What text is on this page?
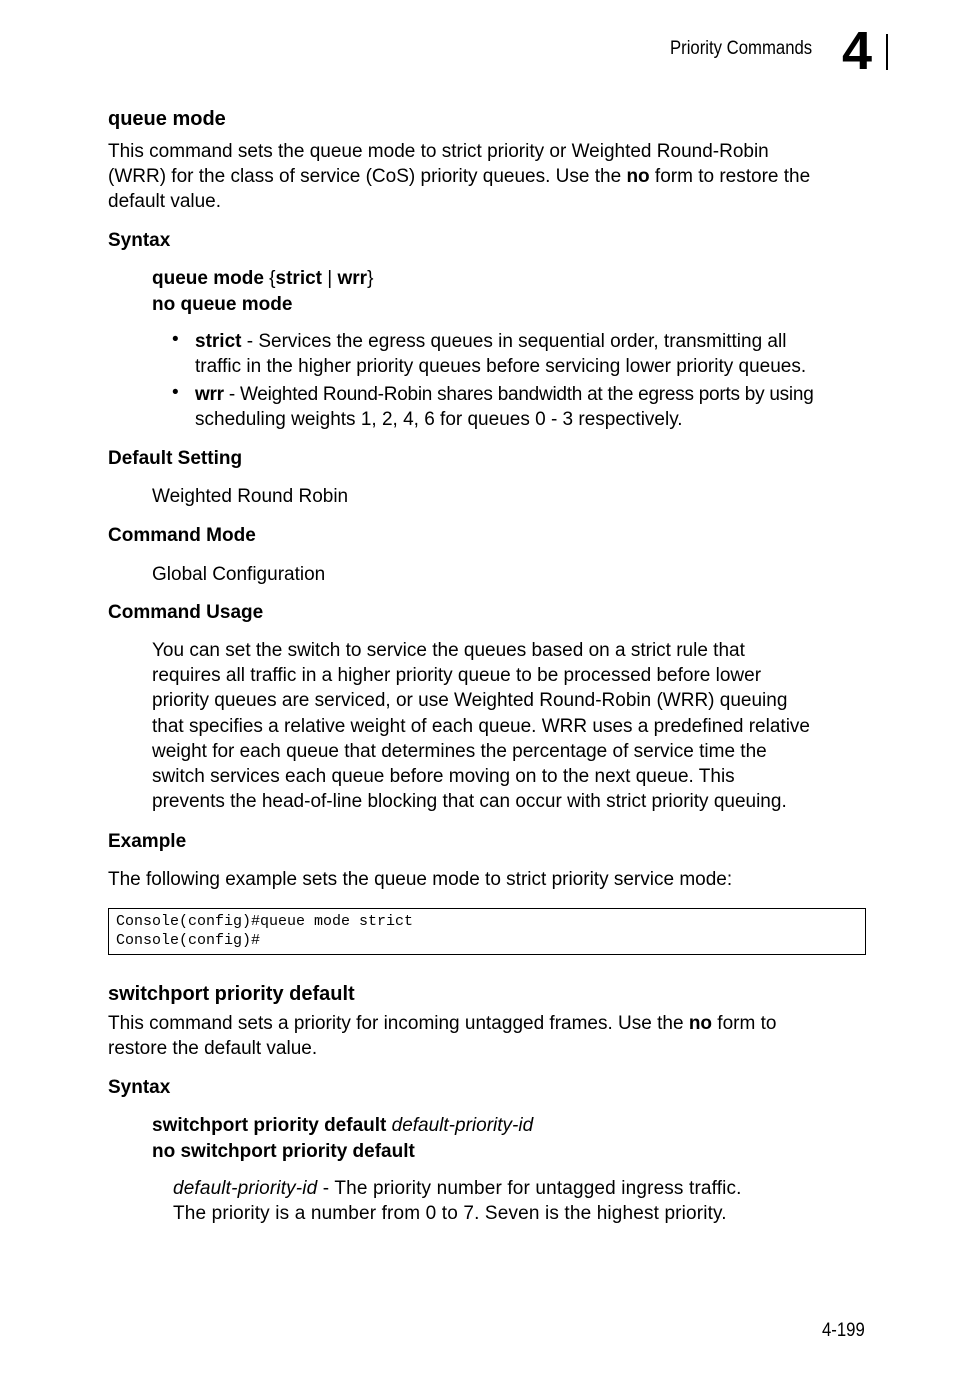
Priority Commands 4
queue mode
This command sets the queue mode to strict priority or Weighted Round-Robin
(WRR) for the class of service (CoS) priority queues. Use the no form to restore the
default value.
Syntax
queue mode {strict | wrr}
no queue mode
• strict - Services the egress queues in sequential order, transmitting all
traffic in the higher priority queues before servicing lower priority queues.
• wrr - Weighted Round-Robin shares bandwidth at the egress ports by using
scheduling weights 1, 2, 4, 6 for queues 0 - 3 respectively.
Default Setting
Weighted Round Robin
Command Mode
Global Configuration
Command Usage
You can set the switch to service the queues based on a strict rule that
requires all traffic in a higher priority queue to be processed before lower
priority queues are serviced, or use Weighted Round-Robin (WRR) queuing
that specifies a relative weight of each queue. WRR uses a predefined relative
weight for each queue that determines the percentage of service time the
switch services each queue before moving on to the next queue. This
prevents the head-of-line blocking that can occur with strict priority queuing.
Example
The following example sets the queue mode to strict priority service mode:
Console(config)#queue mode strict
Console(config)#
switchport priority default
This command sets a priority for incoming untagged frames. Use the no form to
restore the default value.
Syntax
switchport priority default default-priority-id
no switchport priority default
default-priority-id - The priority number for untagged ingress traffic.
The priority is a number from 0 to 7. Seven is the highest priority.
4-199
